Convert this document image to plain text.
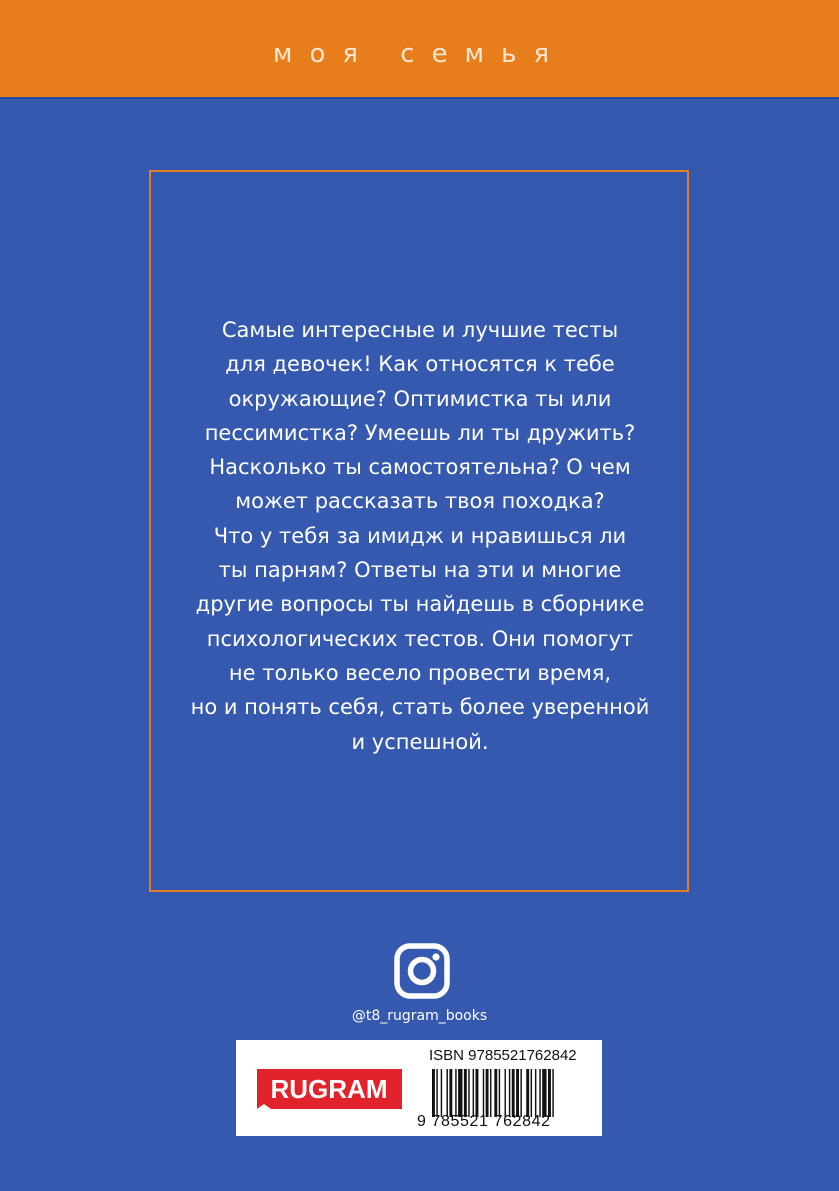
моя семья

Самые интересные и лучшие тесты
для девочек! Как относятся к тебе
окружающие? Оптимистка ты или
пессимистка? Умеешь ли ты дружить?
Насколько ты самостоятельна? О чем
может рассказать твоя походка?
Что у тебя за имидж и нравишься ли
ты парням? Ответы на эти и многие
другие вопросы ты найдешь в сборнике
психологических тестов. Они помогут
не только весело провести время,
но и понять себя, стать более уверенной
и успешной.

@t8_rugram_books
RUGRAM
ISBN 9785521762842
9 785521 762842
